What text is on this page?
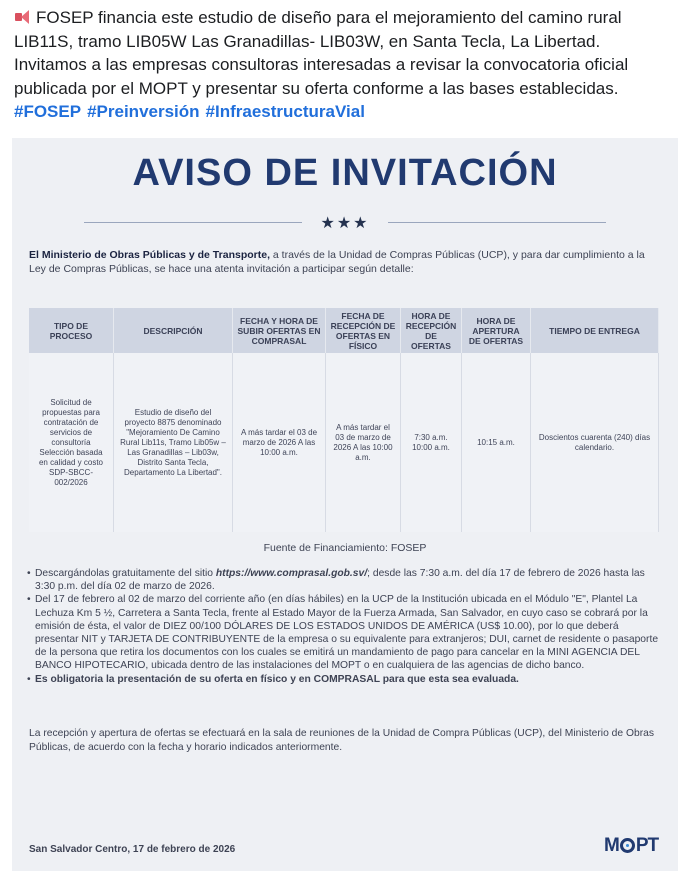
FOSEP financia este estudio de diseño para el mejoramiento del camino rural LIB11S, tramo LIB05W Las Granadillas- LIB03W, en Santa Tecla, La Libertad. Invitamos a las empresas consultoras interesadas a revisar la convocatoria oficial publicada por el MOPT y presentar su oferta conforme a las bases establecidas.
#FOSEP #Preinversión #InfraestructuraVial
AVISO DE INVITACIÓN
★★★
El Ministerio de Obras Públicas y de Transporte, a través de la Unidad de Compras Públicas (UCP), y para dar cumplimiento a la Ley de Compras Públicas, se hace una atenta invitación a participar según detalle:
TIPO DE PROCESO	DESCRIPCIÓN	FECHA Y HORA DE SUBIR OFERTAS EN COMPRASAL	FECHA DE RECEPCIÓN DE OFERTAS EN FÍSICO	HORA DE RECEPCIÓN DE OFERTAS	HORA DE APERTURA DE OFERTAS	TIEMPO DE ENTREGA
Solicitud de propuestas para contratación de servicios de consultoría Selección basada en calidad y costo SDP-SBCC-002/2026	Estudio de diseño del proyecto 8875 denominado "Mejoramiento De Camino Rural Lib11s, Tramo Lib05w – Las Granadillas – Lib03w, Distrito Santa Tecla, Departamento La Libertad".	A más tardar el 03 de marzo de 2026 A las 10:00 a.m.	A más tardar el 03 de marzo de 2026 A las 10:00 a.m.	7:30 a.m. 10:00 a.m.	10:15 a.m.	Doscientos cuarenta (240) días calendario.
Fuente de Financiamiento: FOSEP
• Descargándolas gratuitamente del sitio https://www.comprasal.gob.sv/; desde las 7:30 a.m. del día 17 de febrero de 2026 hasta las 3:30 p.m. del día 02 de marzo de 2026.
• Del 17 de febrero al 02 de marzo del corriente año (en días hábiles) en la UCP de la Institución ubicada en el Módulo "E", Plantel La Lechuza Km 5 ½, Carretera a Santa Tecla, frente al Estado Mayor de la Fuerza Armada, San Salvador, en cuyo caso se cobrará por la emisión de ésta, el valor de DIEZ 00/100 DÓLARES DE LOS ESTADOS UNIDOS DE AMÉRICA (US$ 10.00), por lo que deberá presentar NIT y TARJETA DE CONTRIBUYENTE de la empresa o su equivalente para extranjeros; DUI, carnet de residente o pasaporte de la persona que retira los documentos con los cuales se emitirá un mandamiento de pago para cancelar en la MINI AGENCIA DEL BANCO HIPOTECARIO, ubicada dentro de las instalaciones del MOPT o en cualquiera de las agencias de dicho banco.
• Es obligatoria la presentación de su oferta en físico y en COMPRASAL para que esta sea evaluada.
La recepción y apertura de ofertas se efectuará en la sala de reuniones de la Unidad de Compra Públicas (UCP), del Ministerio de Obras Públicas, de acuerdo con la fecha y horario indicados anteriormente.
San Salvador Centro, 17 de febrero de 2026	M PT
